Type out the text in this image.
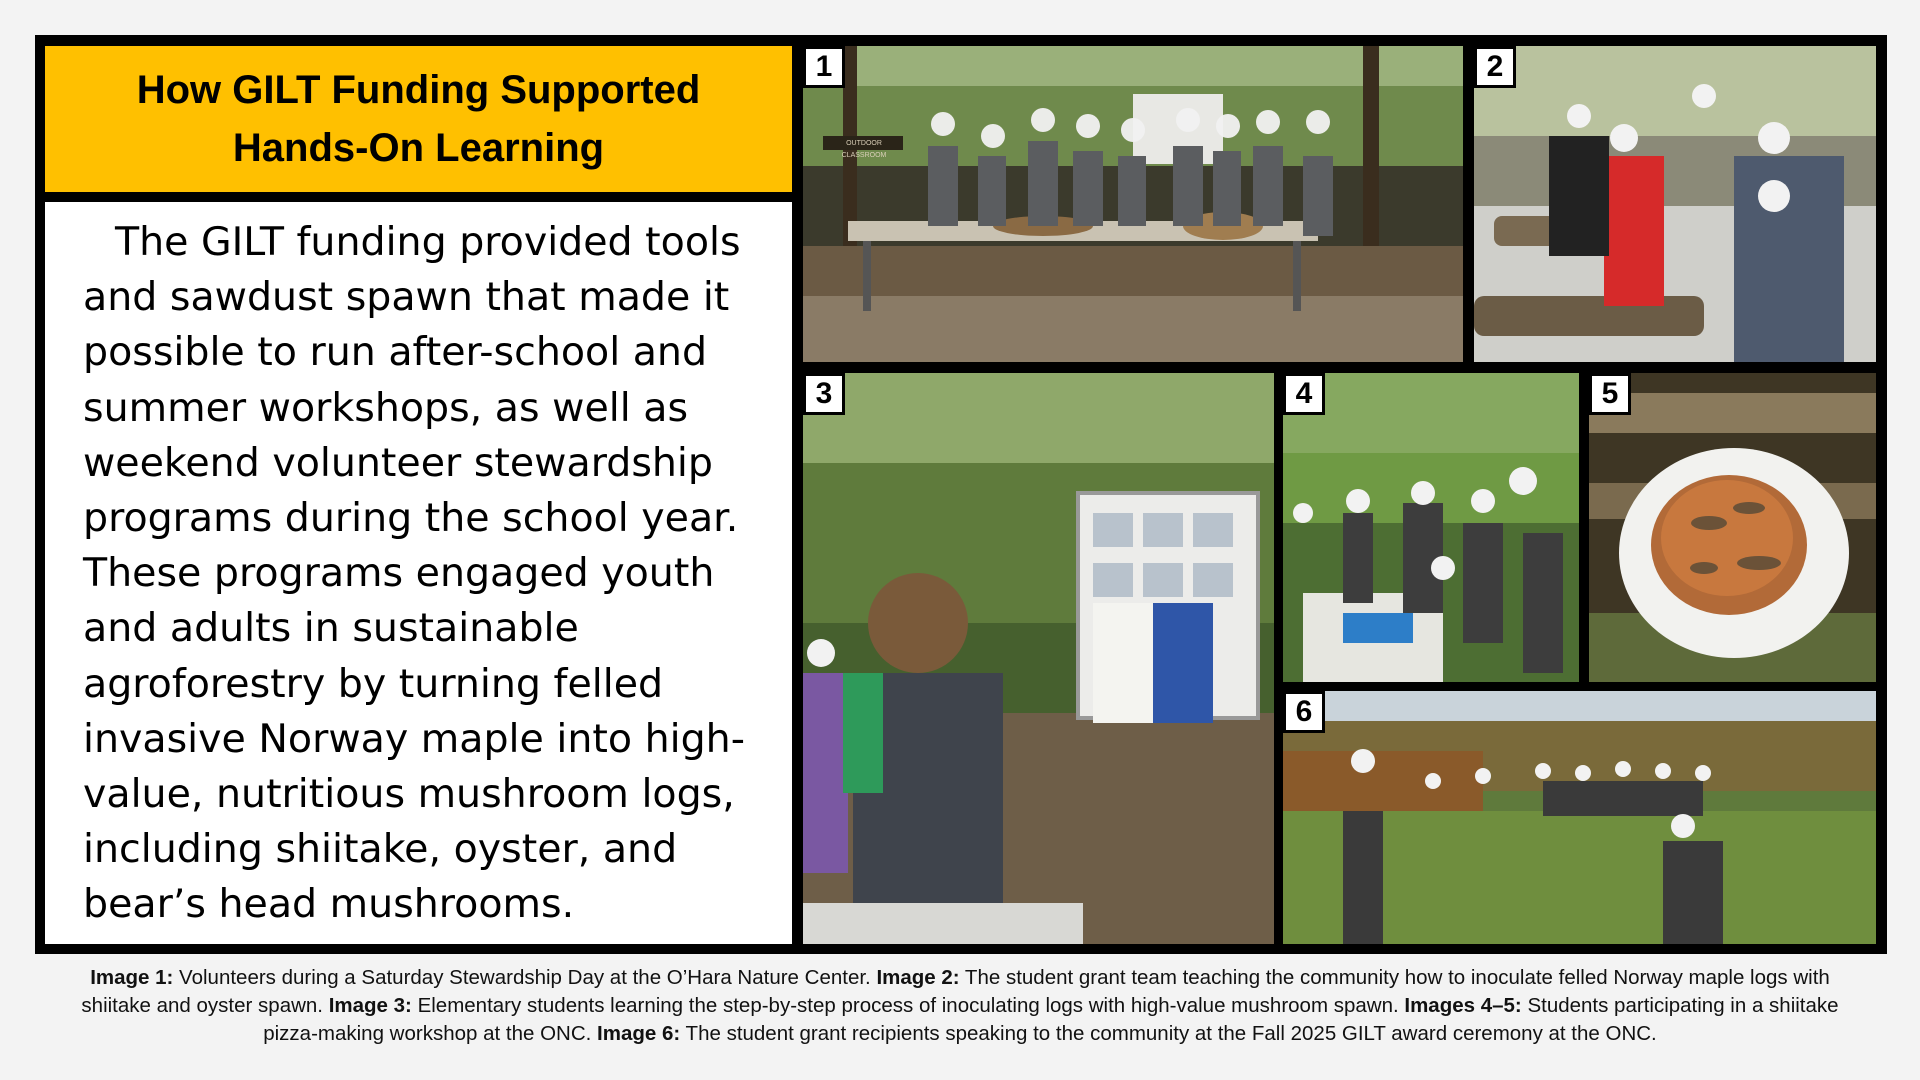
How GILT Funding Supported
Hands-On Learning

The GILT funding provided tools and sawdust spawn that made it possible to run after-school and summer workshops, as well as weekend volunteer stewardship programs during the school year. These programs engaged youth and adults in sustainable agroforestry by turning felled invasive Norway maple into high-value, nutritious mushroom logs, including shiitake, oyster, and bear’s head mushrooms.

1	2
3	4	5
6
Image 1: Volunteers during a Saturday Stewardship Day at the O’Hara Nature Center. Image 2: The student grant team teaching the community how to inoculate felled Norway maple logs with shiitake and oyster spawn. Image 3: Elementary students learning the step-by-step process of inoculating logs with high-value mushroom spawn. Images 4–5: Students participating in a shiitake pizza-making workshop at the ONC. Image 6: The student grant recipients speaking to the community at the Fall 2025 GILT award ceremony at the ONC.
OUTDOOR CLASSROOM
